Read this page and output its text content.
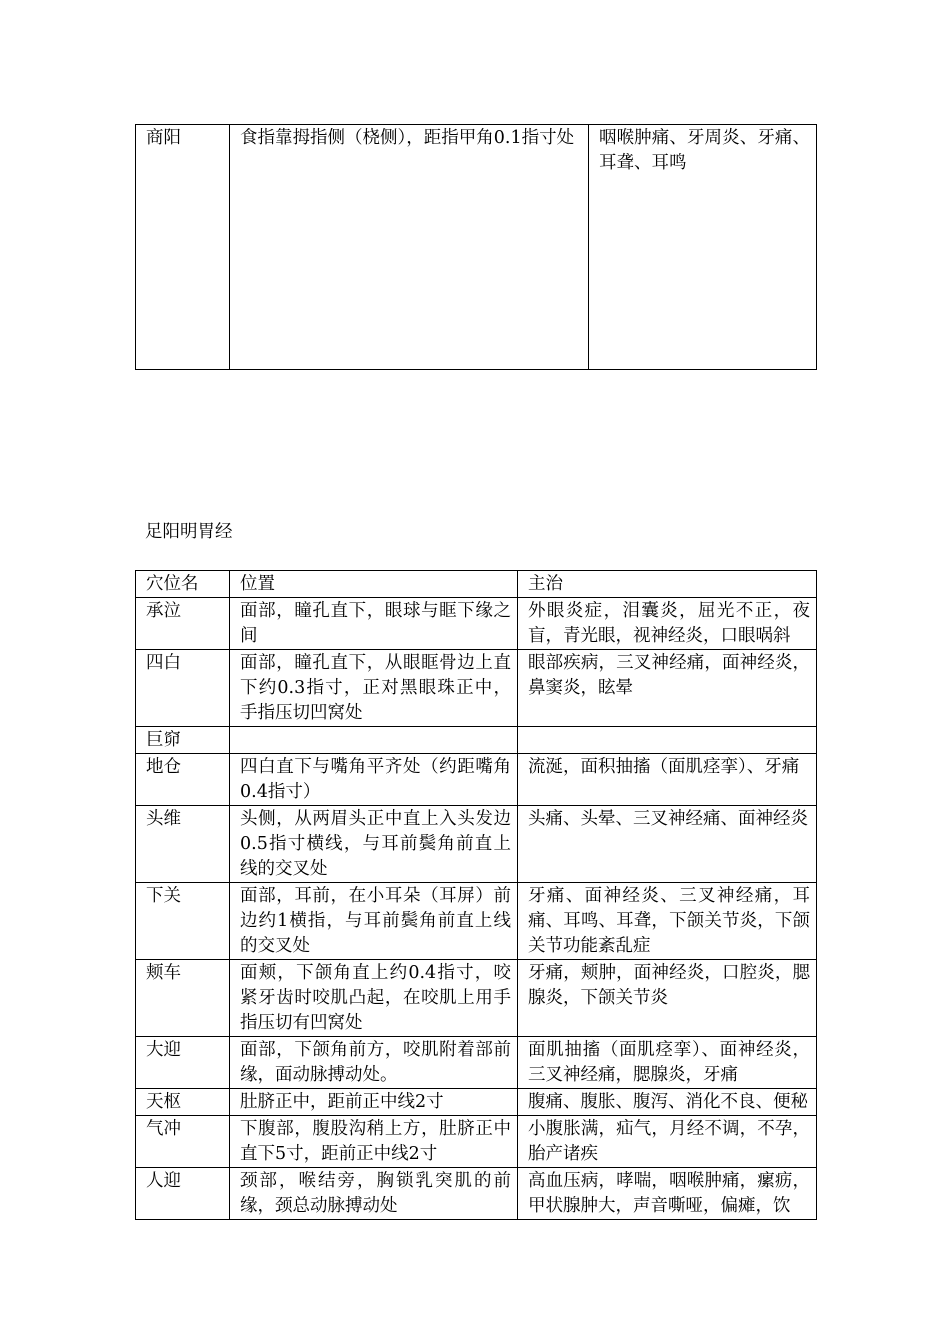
商阳	食指靠拇指侧（桡侧），距指甲角0.1指寸处	咽喉肿痛、牙周炎、牙痛、耳聋、耳鸣
足阳明胃经
穴位名	位置	主治
承泣	面部，瞳孔直下，眼球与眶下缘之间	外眼炎症，泪囊炎，屈光不正，夜盲，青光眼，视神经炎，口眼㖞斜
四白	面部，瞳孔直下，从眼眶骨边上直下约0.3指寸，正对黑眼珠正中，手指压切凹窝处	眼部疾病，三叉神经痛，面神经炎，鼻窦炎，眩晕
巨窌		
地仓	四白直下与嘴角平齐处（约距嘴角0.4指寸）	流涎，面积抽搐（面肌痉挛）、牙痛
头维	头侧，从两眉头正中直上入头发边0.5指寸横线，与耳前鬓角前直上线的交叉处	头痛、头晕、三叉神经痛、面神经炎
下关	面部，耳前，在小耳朵（耳屏）前边约1横指，与耳前鬓角前直上线的交叉处	牙痛、面神经炎、三叉神经痛，耳痛、耳鸣、耳聋，下颌关节炎，下颌关节功能紊乱症
颊车	面颊，下颌角直上约0.4指寸，咬紧牙齿时咬肌凸起，在咬肌上用手指压切有凹窝处	牙痛，颊肿，面神经炎，口腔炎，腮腺炎，下颌关节炎
大迎	面部，下颌角前方，咬肌附着部前缘，面动脉搏动处。	面肌抽搐（面肌痉挛）、面神经炎，三叉神经痛，腮腺炎，牙痛
天枢	肚脐正中，距前正中线2寸	腹痛、腹胀、腹泻、消化不良、便秘
气冲	下腹部，腹股沟稍上方，肚脐正中直下5寸，距前正中线2寸	小腹胀满，疝气，月经不调，不孕，胎产诸疾
人迎	颈部，喉结旁，胸锁乳突肌的前缘，颈总动脉搏动处	高血压病，哮喘，咽喉肿痛，瘰疬，甲状腺肿大，声音嘶哑，偏瘫，饮
